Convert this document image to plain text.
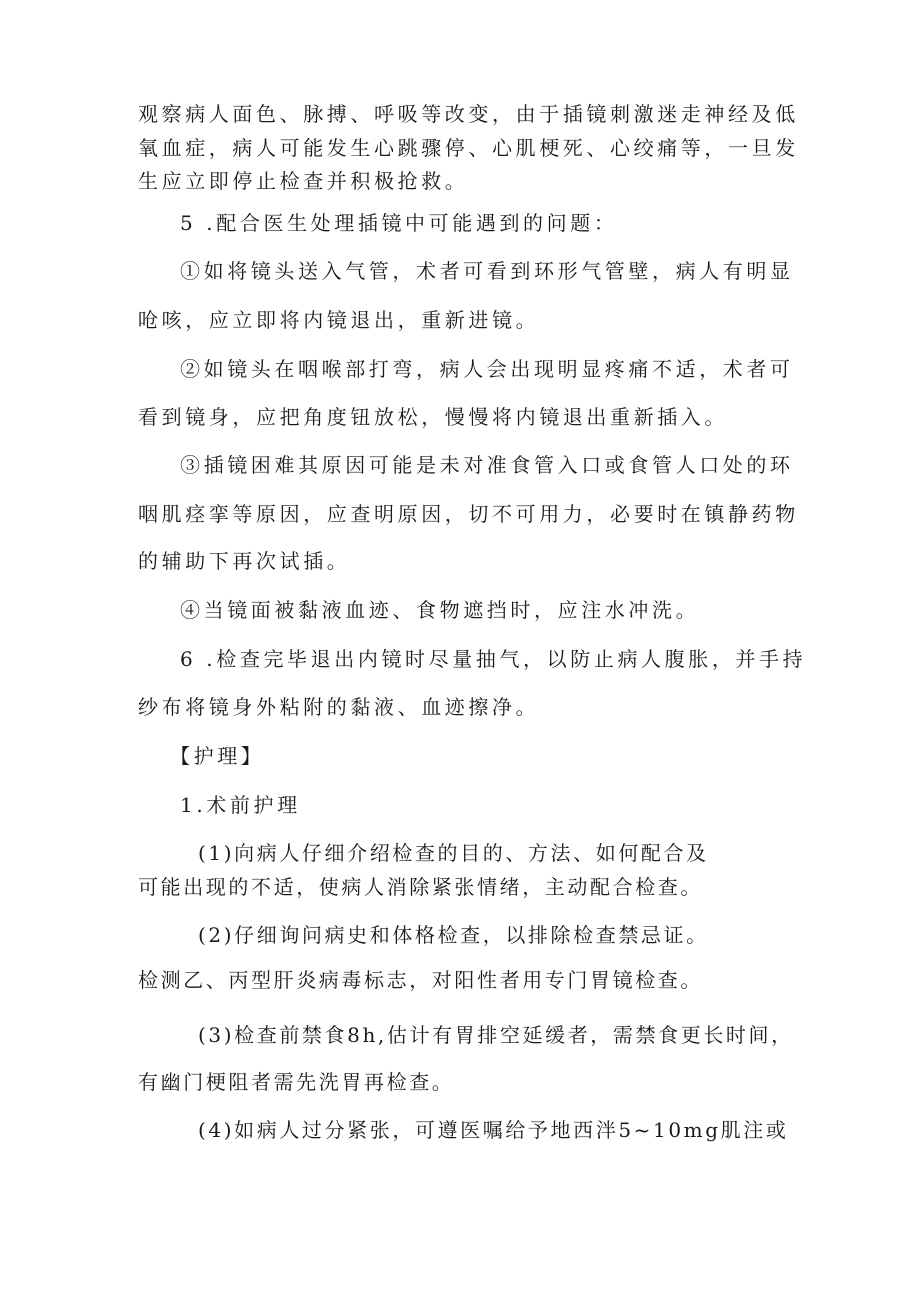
观察病人面色、脉搏、呼吸等改变，由于插镜刺激迷走神经及低
氧血症，病人可能发生心跳骤停、心肌梗死、心绞痛等，一旦发
生应立即停止检查并积极抢救。
5 .配合医生处理插镜中可能遇到的问题：
①如将镜头送入气管，术者可看到环形气管壁，病人有明显
呛咳，应立即将内镜退出，重新进镜。
②如镜头在咽喉部打弯，病人会出现明显疼痛不适，术者可
看到镜身，应把角度钮放松，慢慢将内镜退出重新插入。
③插镜困难其原因可能是未对准食管入口或食管人口处的环
咽肌痉挛等原因，应查明原因，切不可用力，必要时在镇静药物
的辅助下再次试插。
④当镜面被黏液血迹、食物遮挡时，应注水冲洗。
6 .检查完毕退出内镜时尽量抽气，以防止病人腹胀，并手持
纱布将镜身外粘附的黏液、血迹擦净。
【护理】
1.术前护理
(1)向病人仔细介绍检查的目的、方法、如何配合及
可能出现的不适，使病人消除紧张情绪，主动配合检查。
(2)仔细询问病史和体格检查，以排除检查禁忌证。
检测乙、丙型肝炎病毒标志，对阳性者用专门胃镜检查。
(3)检查前禁食8h,估计有胃排空延缓者，需禁食更长时间，
有幽门梗阻者需先洗胃再检查。
(4)如病人过分紧张，可遵医嘱给予地西泮5~10mg肌注或
